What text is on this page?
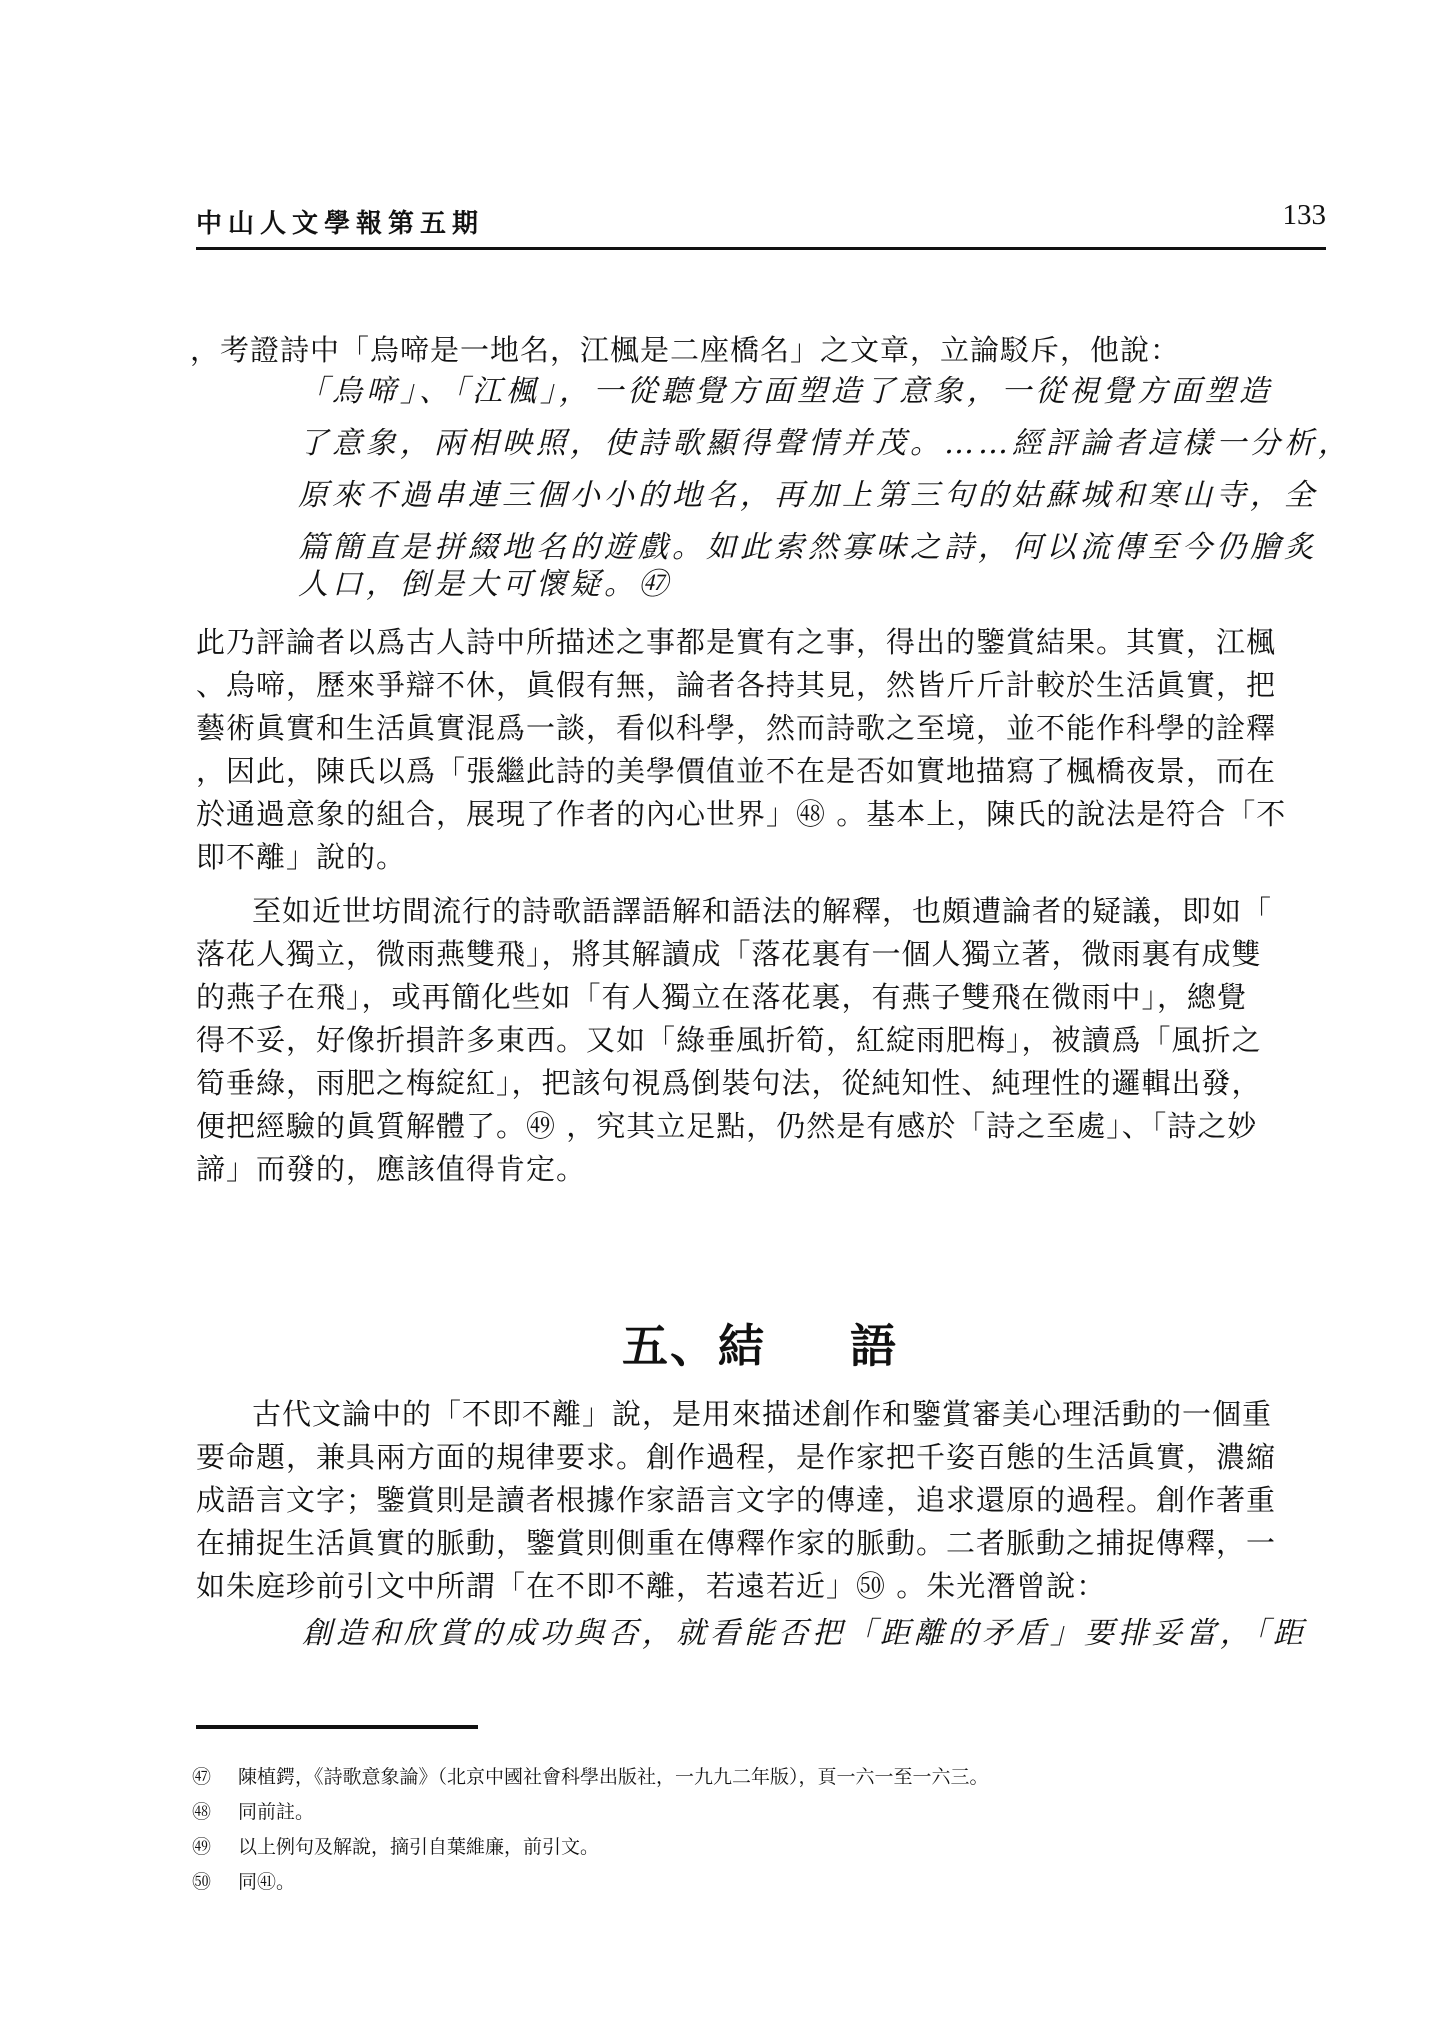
中山人文學報第五期	133
，考證詩中「烏啼是一地名，江楓是二座橋名」之文章，立論駁斥，他說：
「烏啼」、「江楓」，一從聽覺方面塑造了意象，一從視覺方面塑造
了意象，兩相映照，使詩歌顯得聲情并茂。……經評論者這樣一分析，
原來不過串連三個小小的地名，再加上第三句的姑蘇城和寒山寺，全
篇簡直是拼綴地名的遊戲。如此索然寡味之詩，何以流傳至今仍膾炙
人口，倒是大可懷疑。㊼
此乃評論者以爲古人詩中所描述之事都是實有之事，得出的鑒賞結果。其實，江楓
、烏啼，歷來爭辯不休，眞假有無，論者各持其見，然皆斤斤計較於生活眞實，把
藝術眞實和生活眞實混爲一談，看似科學，然而詩歌之至境，並不能作科學的詮釋
，因此，陳氏以爲「張繼此詩的美學價值並不在是否如實地描寫了楓橋夜景，而在
於通過意象的組合，展現了作者的內心世界」㊽ 。基本上，陳氏的說法是符合「不
即不離」說的。
　至如近世坊間流行的詩歌語譯語解和語法的解釋，也頗遭論者的疑議，即如「
落花人獨立，微雨燕雙飛」，將其解讀成「落花裏有一個人獨立著，微雨裏有成雙
的燕子在飛」，或再簡化些如「有人獨立在落花裏，有燕子雙飛在微雨中」，總覺
得不妥，好像折損許多東西。又如「綠垂風折筍，紅綻雨肥梅」，被讀爲「風折之
筍垂綠，雨肥之梅綻紅」，把該句視爲倒裝句法，從純知性、純理性的邏輯出發，
便把經驗的眞質解體了。㊾ ，究其立足點，仍然是有感於「詩之至處」、「詩之妙
諦」而發的，應該值得肯定。
五、結 語
　古代文論中的「不即不離」說，是用來描述創作和鑒賞審美心理活動的一個重
要命題，兼具兩方面的規律要求。創作過程，是作家把千姿百態的生活眞實，濃縮
成語言文字；鑒賞則是讀者根據作家語言文字的傳達，追求還原的過程。創作著重
在捕捉生活眞實的脈動，鑒賞則側重在傳釋作家的脈動。二者脈動之捕捉傳釋，一
如朱庭珍前引文中所謂「在不即不離，若遠若近」㊿ 。朱光潛曾說：
　創造和欣賞的成功與否，就看能否把「距離的矛盾」要排妥當，「距
㊼ 陳植鍔，《詩歌意象論》（北京中國社會科學出版社，一九九二年版），頁一六一至一六三。
㊽ 同前註。
㊾ 以上例句及解說，摘引自葉維廉，前引文。
㊿ 同㊶。
